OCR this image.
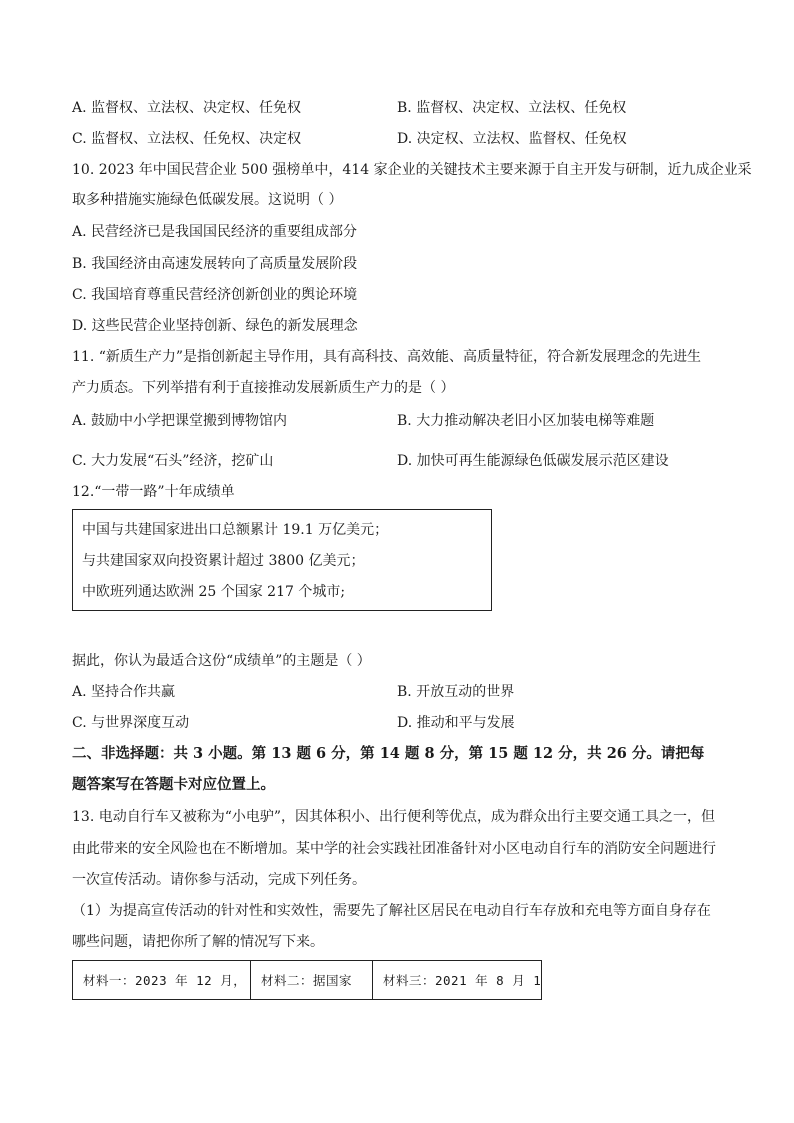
A. 监督权、立法权、决定权、任免权	B. 监督权、决定权、立法权、任免权
C. 监督权、立法权、任免权、决定权	D. 决定权、立法权、监督权、任免权
10. 2023 年中国民营企业 500 强榜单中，414 家企业的关键技术主要来源于自主开发与研制，近九成企业采
取多种措施实施绿色低碳发展。这说明（ ）
A. 民营经济已是我国国民经济的重要组成部分
B. 我国经济由高速发展转向了高质量发展阶段
C. 我国培育尊重民营经济创新创业的舆论环境
D. 这些民营企业坚持创新、绿色的新发展理念
11. “新质生产力”是指创新起主导作用，具有高科技、高效能、高质量特征，符合新发展理念的先进生
产力质态。下列举措有利于直接推动发展新质生产力的是（ ）
A. 鼓励中小学把课堂搬到博物馆内	B. 大力推动解决老旧小区加装电梯等难题
C. 大力发展“石头”经济，挖矿山	D. 加快可再生能源绿色低碳发展示范区建设
12.“一带一路”十年成绩单
中国与共建国家进出口总额累计 19.1 万亿美元；
与共建国家双向投资累计超过 3800 亿美元；
中欧班列通达欧洲 25 个国家 217 个城市;
据此，你认为最适合这份“成绩单”的主题是（ ）
A. 坚持合作共赢	B. 开放互动的世界
C. 与世界深度互动	D. 推动和平与发展
二、非选择题：共 3 小题。第 13 题 6 分，第 14 题 8 分，第 15 题 12 分，共 26 分。请把每
题答案写在答题卡对应位置上。
13. 电动自行车又被称为“小电驴”，因其体积小、出行便利等优点，成为群众出行主要交通工具之一，但
由此带来的安全风险也在不断增加。某中学的社会实践社团准备针对小区电动自行车的消防安全问题进行
一次宣传活动。请你参与活动，完成下列任务。
（1）为提高宣传活动的针对性和实效性，需要先了解社区居民在电动自行车存放和充电等方面自身存在
哪些问题，请把你所了解的情况写下来。
材料一：2023 年 12 月，	材料二：据国家	材料三：2021 年 8 月 1
